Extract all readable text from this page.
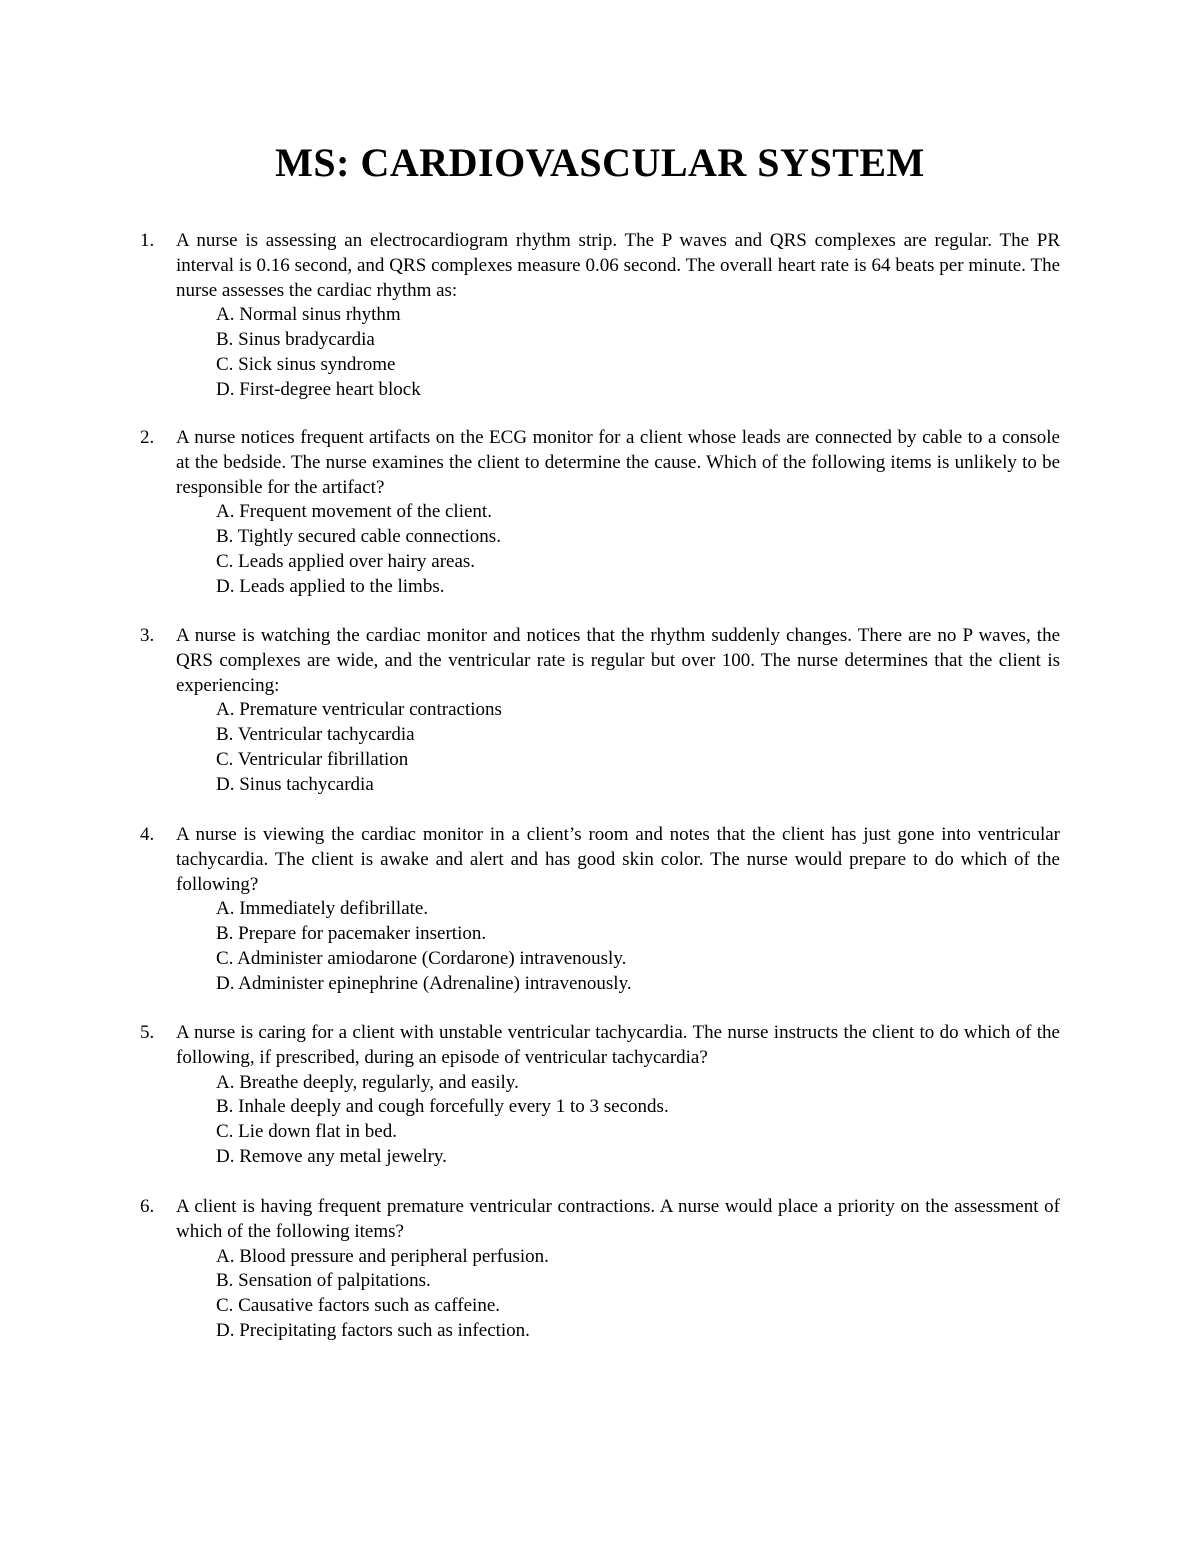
MS: CARDIOVASCULAR SYSTEM
1.	A nurse is assessing an electrocardiogram rhythm strip. The P waves and QRS complexes are regular. The PR interval is 0.16 second, and QRS complexes measure 0.06 second. The overall heart rate is 64 beats per minute. The nurse assesses the cardiac rhythm as:
A. Normal sinus rhythm
B. Sinus bradycardia
C. Sick sinus syndrome
D. First-degree heart block
2.	A nurse notices frequent artifacts on the ECG monitor for a client whose leads are connected by cable to a console at the bedside. The nurse examines the client to determine the cause. Which of the following items is unlikely to be responsible for the artifact?
A. Frequent movement of the client.
B. Tightly secured cable connections.
C. Leads applied over hairy areas.
D. Leads applied to the limbs.
3.	A nurse is watching the cardiac monitor and notices that the rhythm suddenly changes. There are no P waves, the QRS complexes are wide, and the ventricular rate is regular but over 100. The nurse determines that the client is experiencing:
A. Premature ventricular contractions
B. Ventricular tachycardia
C. Ventricular fibrillation
D. Sinus tachycardia
4.	A nurse is viewing the cardiac monitor in a client’s room and notes that the client has just gone into ventricular tachycardia. The client is awake and alert and has good skin color. The nurse would prepare to do which of the following?
A. Immediately defibrillate.
B. Prepare for pacemaker insertion.
C. Administer amiodarone (Cordarone) intravenously.
D. Administer epinephrine (Adrenaline) intravenously.
5.	A nurse is caring for a client with unstable ventricular tachycardia. The nurse instructs the client to do which of the following, if prescribed, during an episode of ventricular tachycardia?
A. Breathe deeply, regularly, and easily.
B. Inhale deeply and cough forcefully every 1 to 3 seconds.
C. Lie down flat in bed.
D. Remove any metal jewelry.
6.	A client is having frequent premature ventricular contractions. A nurse would place a priority on the assessment of which of the following items?
A. Blood pressure and peripheral perfusion.
B. Sensation of palpitations.
C. Causative factors such as caffeine.
D. Precipitating factors such as infection.
